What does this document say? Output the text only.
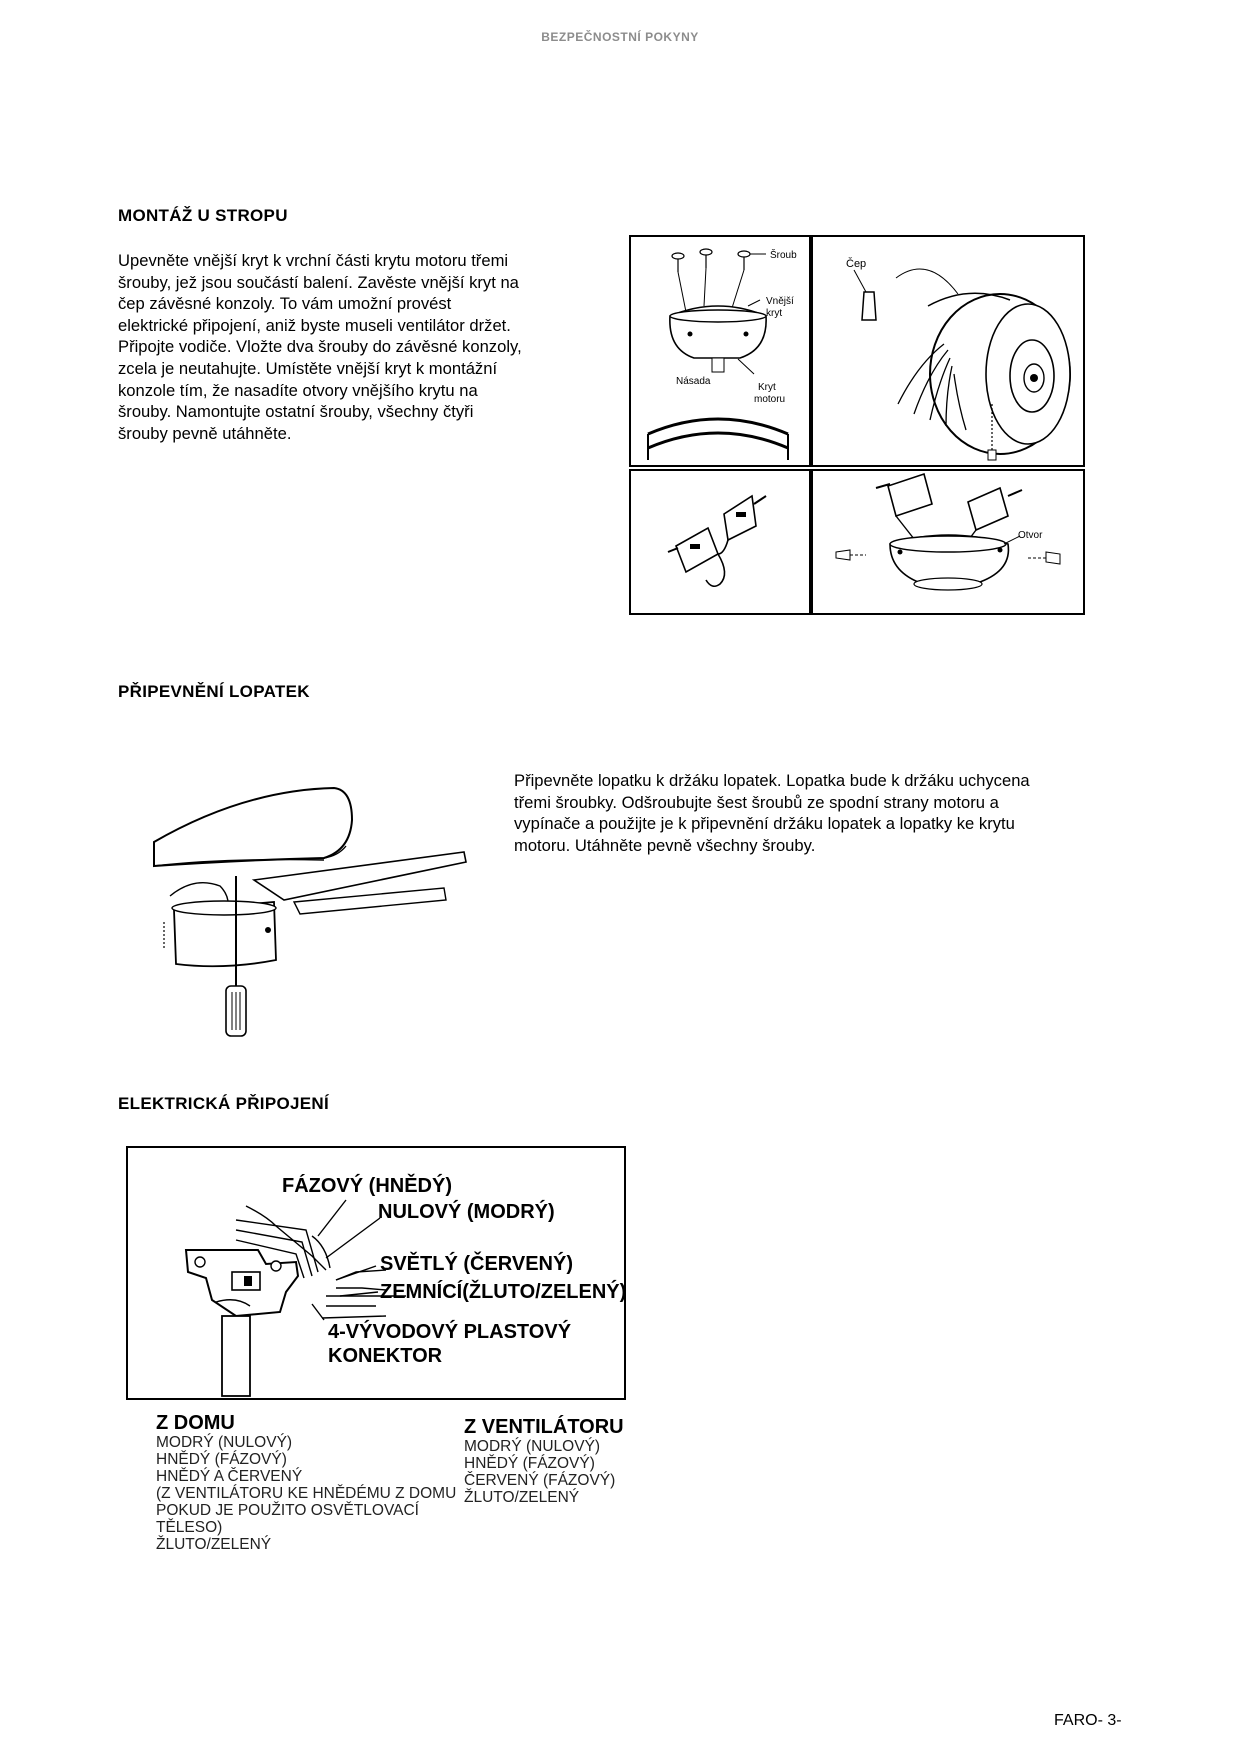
BEZPEČNOSTNÍ POKYNY
MONTÁŽ U STROPU
Upevněte vnější kryt k vrchní části krytu motoru třemi
šrouby, jež jsou součástí balení. Zavěste vnější kryt na
čep závěsné konzoly. To vám umožní provést
elektrické připojení, aniž byste museli ventilátor držet.
Připojte vodiče. Vložte dva šrouby do závěsné konzoly,
zcela je neutahujte. Umístěte vnější kryt k montážní
konzole tím, že nasadíte otvory vnějšího krytu na
šrouby. Namontujte ostatní šrouby, všechny čtyři
šrouby pevně utáhněte.
Šroub
Vnější
kryt
Násada
Kryt
motoru
Čep
Otvor
PŘIPEVNĚNÍ LOPATEK
Připevněte lopatku k držáku lopatek. Lopatka bude k držáku uchycena
třemi šroubky. Odšroubujte šest šroubů ze spodní strany motoru a
vypínače a použijte je k připevnění držáku lopatek a lopatky ke krytu
motoru. Utáhněte pevně všechny šrouby.
ELEKTRICKÁ PŘIPOJENÍ
FÁZOVÝ (HNĚDÝ)
NULOVÝ (MODRÝ)
SVĚTLÝ (ČERVENÝ)
ZEMNÍCÍ(ŽLUTO/ZELENÝ)
4-VÝVODOVÝ PLASTOVÝ
KONEKTOR
Z DOMU
MODRÝ (NULOVÝ)
HNĚDÝ (FÁZOVÝ)
HNĚDÝ A ČERVENÝ
(Z VENTILÁTORU KE HNĚDÉMU Z DOMU
POKUD JE POUŽITO OSVĚTLOVACÍ
TĚLESO)
ŽLUTO/ZELENÝ
Z VENTILÁTORU
MODRÝ (NULOVÝ)
HNĚDÝ (FÁZOVÝ)
ČERVENÝ (FÁZOVÝ)
ŽLUTO/ZELENÝ
FARO- 3-
